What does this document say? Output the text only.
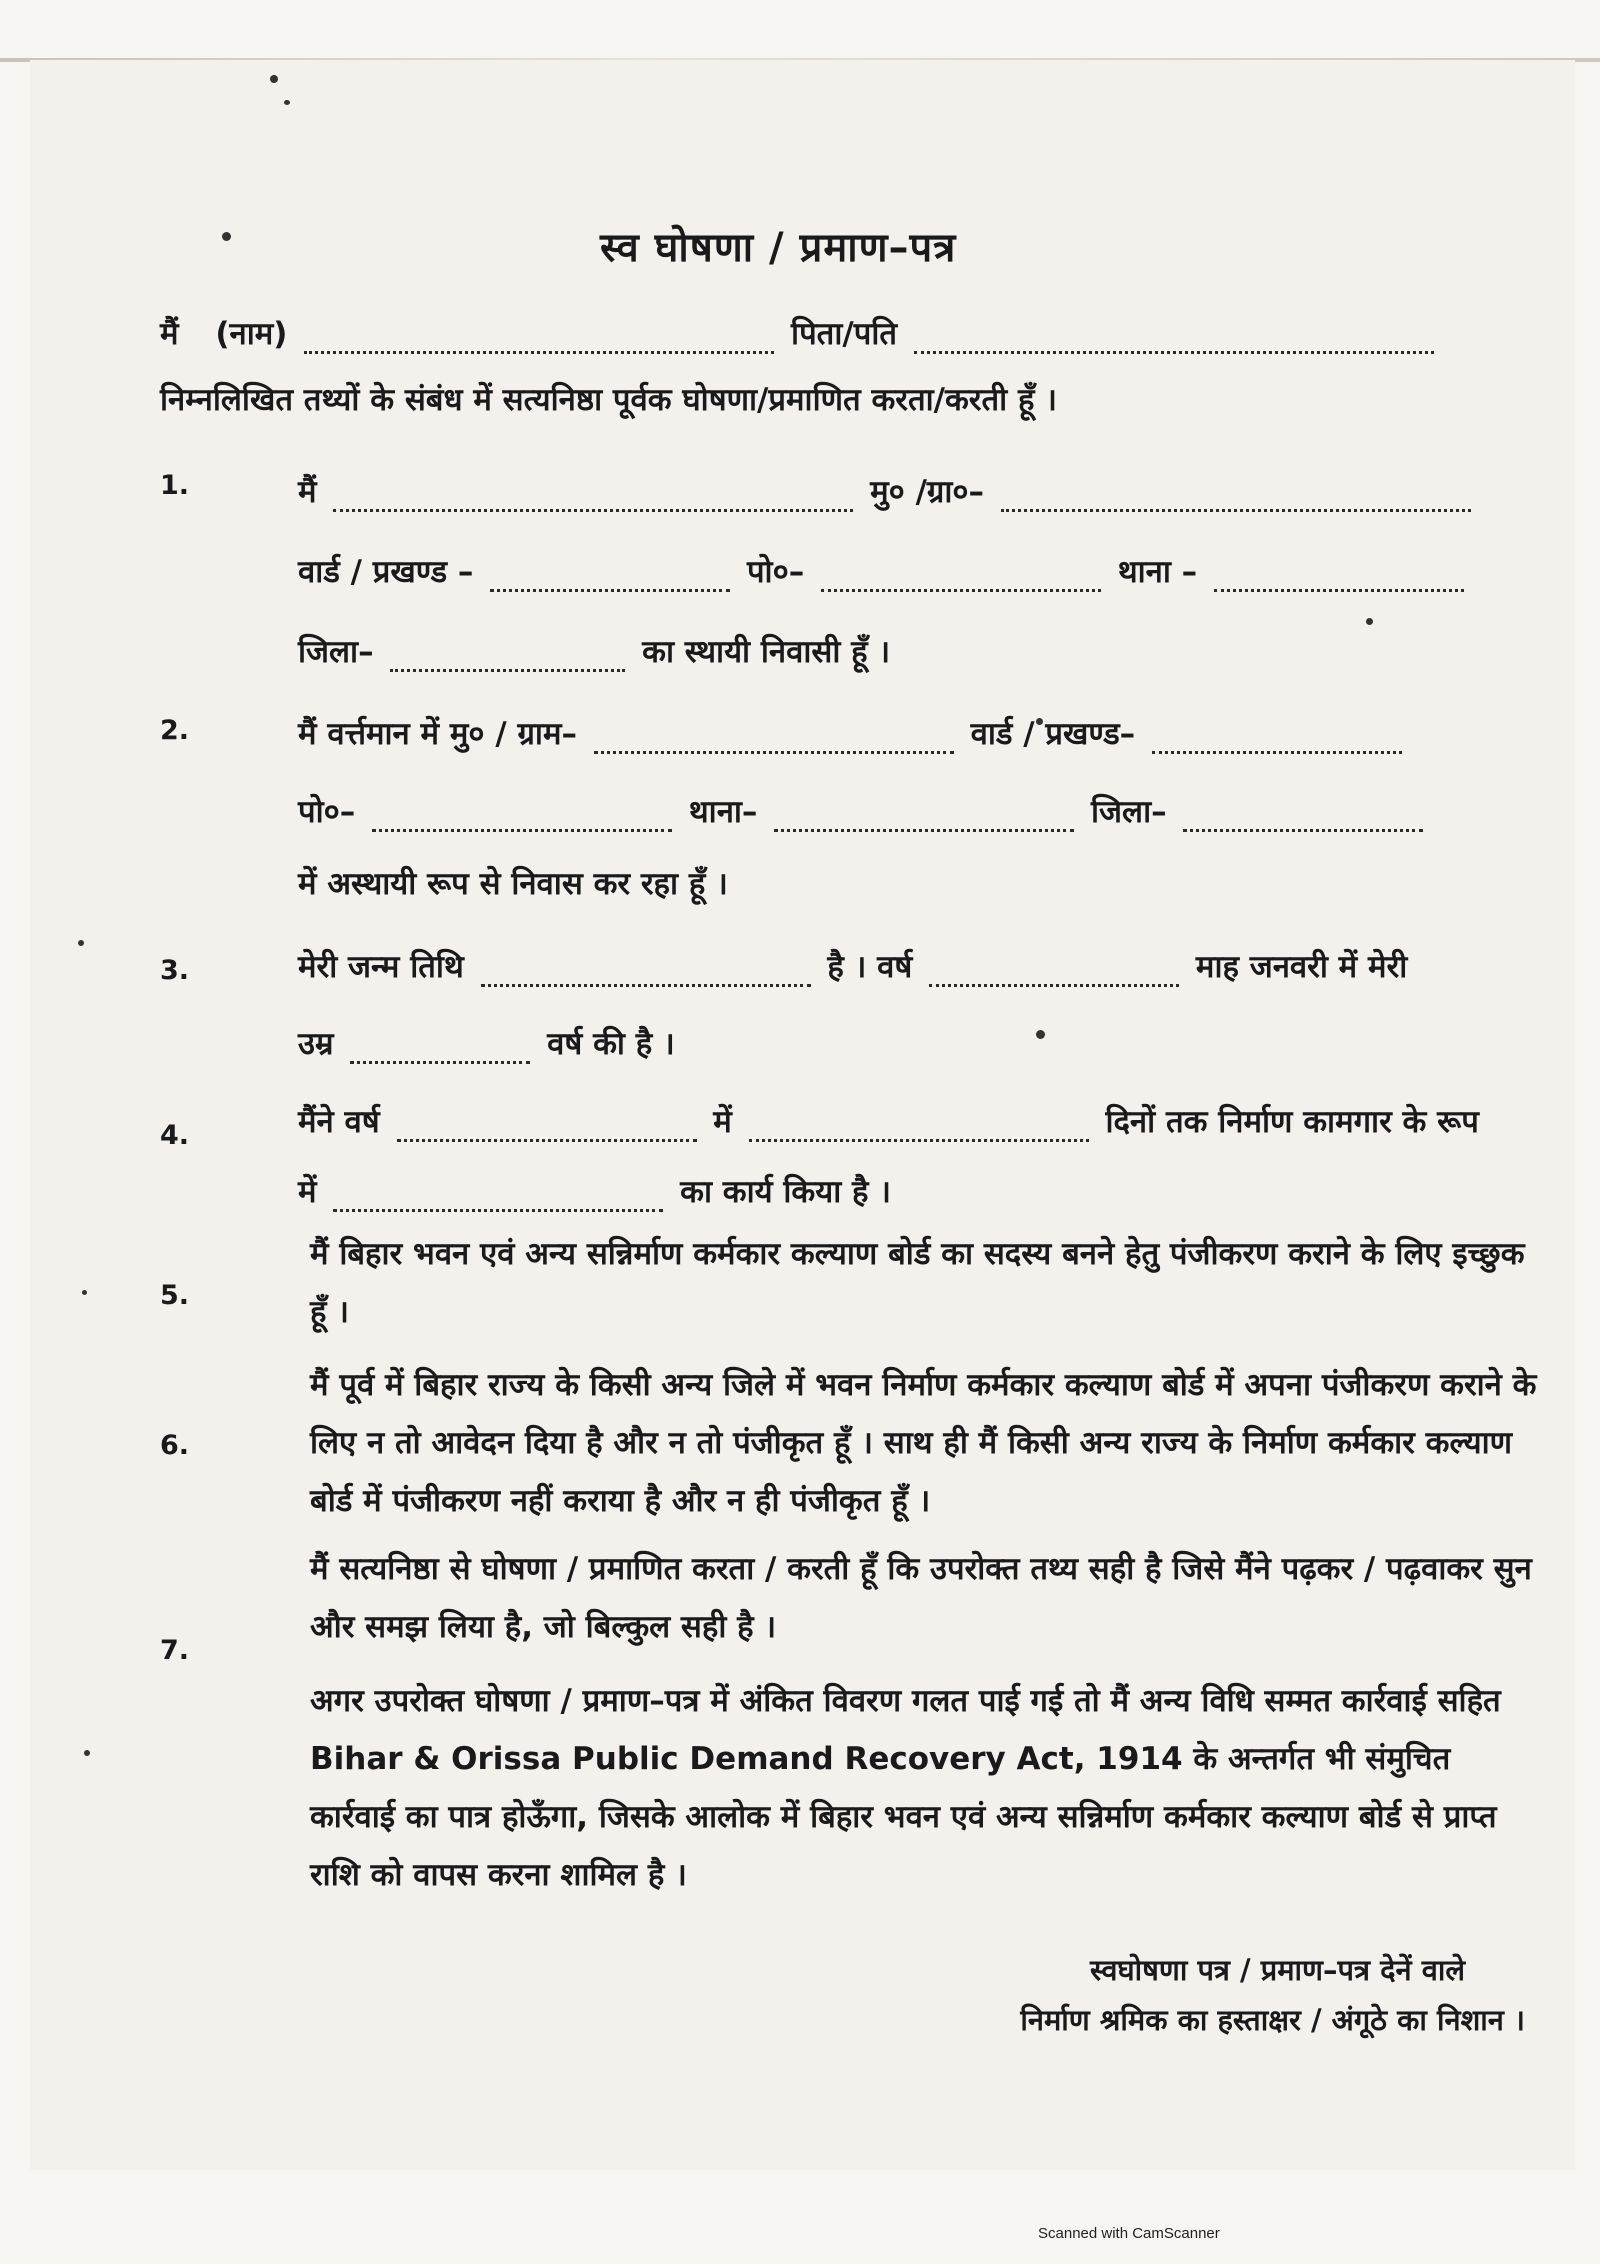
स्व घोषणा / प्रमाण–पत्र
मैं (नाम)	पिता/पति
निम्नलिखित तथ्यों के संबंध में सत्यनिष्ठा पूर्वक घोषणा/प्रमाणित करता/करती हूँ ।
1.	मैं	मु० /ग्रा०–
वार्ड / प्रखण्ड –	पो०–	थाना –
जिला–	का स्थायी निवासी हूँ ।
2.	मैं वर्त्तमान में मु० / ग्राम–	वार्ड / प्रखण्ड–
पो०–	थाना–	जिला–
में अस्थायी रूप से निवास कर रहा हूँ ।
3.	मेरी जन्म तिथि	है । वर्ष	माह जनवरी में मेरी
उम्र	वर्ष की है ।
4.	मैंने वर्ष	में	दिनों तक निर्माण कामगार के रूप
में	का कार्य किया है ।
5.
मैं बिहार भवन एवं अन्य सन्निर्माण कर्मकार कल्याण बोर्ड का सदस्य बनने हेतु पंजीकरण कराने के लिए इच्छुक हूँ ।
6.
मैं पूर्व में बिहार राज्य के किसी अन्य जिले में भवन निर्माण कर्मकार कल्याण बोर्ड में अपना पंजीकरण कराने के लिए न तो आवेदन दिया है और न तो पंजीकृत हूँ । साथ ही मैं किसी अन्य राज्य के निर्माण कर्मकार कल्याण बोर्ड में पंजीकरण नहीं कराया है और न ही पंजीकृत हूँ ।
7.
मैं सत्यनिष्ठा से घोषणा / प्रमाणित करता / करती हूँ कि उपरोक्त तथ्य सही है जिसे मैंने पढ़कर / पढ़वाकर सुन और समझ लिया है, जो बिल्कुल सही है ।
अगर उपरोक्त घोषणा / प्रमाण–पत्र में अंकित विवरण गलत पाई गई तो मैं अन्य विधि सम्मत कार्रवाई सहित Bihar & Orissa Public Demand Recovery Act, 1914 के अन्तर्गत भी संमुचित कार्रवाई का पात्र होऊँगा, जिसके आलोक में बिहार भवन एवं अन्य सन्निर्माण कर्मकार कल्याण बोर्ड से प्राप्त राशि को वापस करना शामिल है ।
स्वघोषणा पत्र / प्रमाण–पत्र देनें वाले
निर्माण श्रमिक का हस्ताक्षर / अंगूठे का निशान ।
Scanned with CamScanner
